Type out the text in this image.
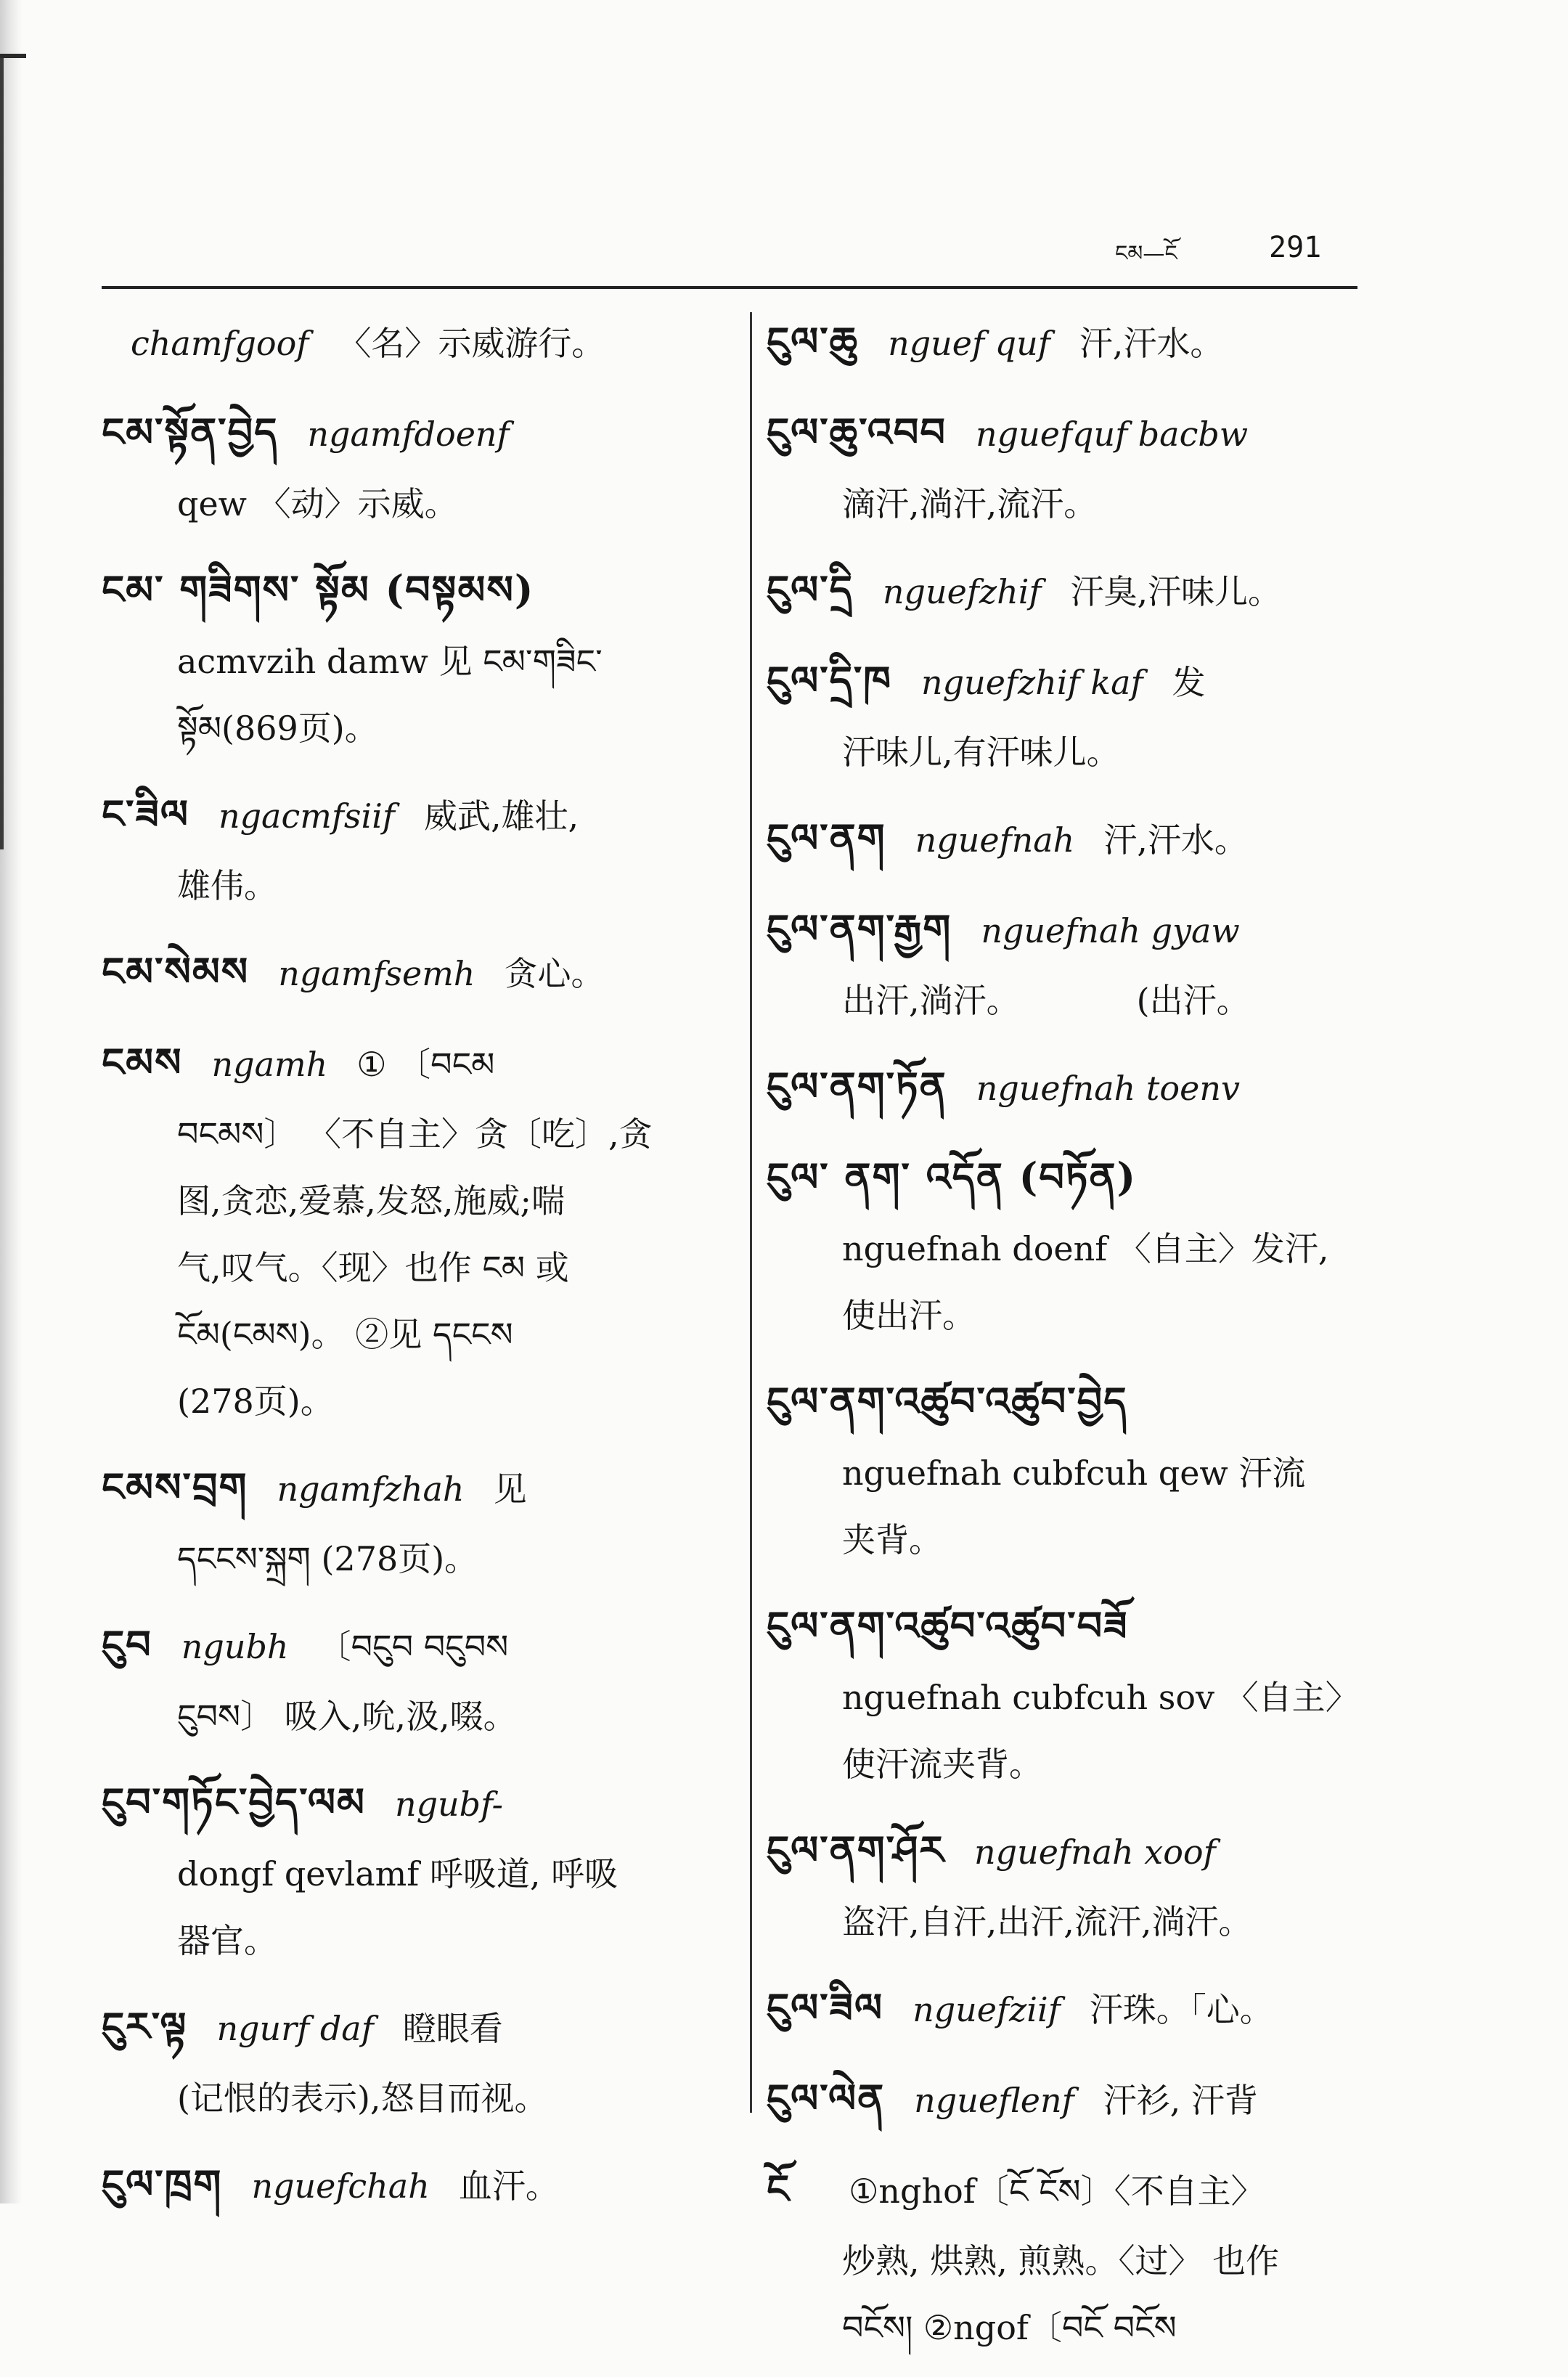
ངམ—ངོ	291
chamfgoof 〈名〉示威游行。
ངམ་སྟོན་བྱེད ngamfdoenf
qew 〈动〉示威。
ངམ་ གཟིགས་ སྟོམ (བསྟམས)
acmvzih damw 见 ངམ་གཟིང་
སྟོམ(869页)。
ང་ཟིལ ngacmfsiif 威武,雄壮,
雄伟。
ངམ་སེམས ngamfsemh 贪心。
ངམས ngamh ① 〔བངམ
བངམས〕 〈不自主〉贪〔吃〕,贪
图,贪恋,爱慕,发怒,施威;喘
气,叹气。〈现〉也作 ངམ 或
ངོམ(ངམས)。 ②见 དངངས
(278页)。
ངམས་བྲག ngamfzhah 见
དངངས་སྐྲག (278页)。
ངུབ ngubh 〔བངུབ བངུབས
ངུབས〕 吸入,吮,汲,啜。
ངུབ་གཏོང་བྱེད་ལམ ngubf-
dongf qevlamf 呼吸道, 呼吸
器官。
ངུར་ལྟ ngurf daf 瞪眼看
(记恨的表示),怒目而视。
ངུལ་ཁྲག nguefchah 血汗。
ངུལ་ཆུ nguef quf 汗,汗水。
ངུལ་ཆུ་འབབ nguefquf bacbw
滴汗,淌汗,流汗。
ངུལ་དྲི nguefzhif 汗臭,汗味儿。
ངུལ་དྲི་ཁ nguefzhif kaf 发
汗味儿,有汗味儿。
ངུལ་ནག nguefnah 汗,汗水。
ངུལ་ནག་རྒྱག nguefnah gyaw
出汗,淌汗。　　　　(出汗。
ངུལ་ནག་ཏོན nguefnah toenv
ངུལ་ ནག་ འདོན (བཏོན)
nguefnah doenf 〈自主〉发汗,
使出汗。
ངུལ་ནག་འཚུབ་འཚུབ་བྱེད
nguefnah cubfcuh qew 汗流
夹背。
ངུལ་ནག་འཚུབ་འཚུབ་བཟོ
nguefnah cubfcuh sov 〈自主〉
使汗流夹背。
ངུལ་ནག་ཤོར nguefnah xoof
盗汗,自汗,出汗,流汗,淌汗。
ངུལ་ཟིལ nguefziif 汗珠。「心。
ངུལ་ལེན ngueflenf 汗衫, 汗背
ངོ ①nghof〔ངོ ངོས〕〈不自主〉
炒熟, 烘熟, 煎熟。〈过〉 也作
བངོས། ②ngof〔བངོ བངོས
